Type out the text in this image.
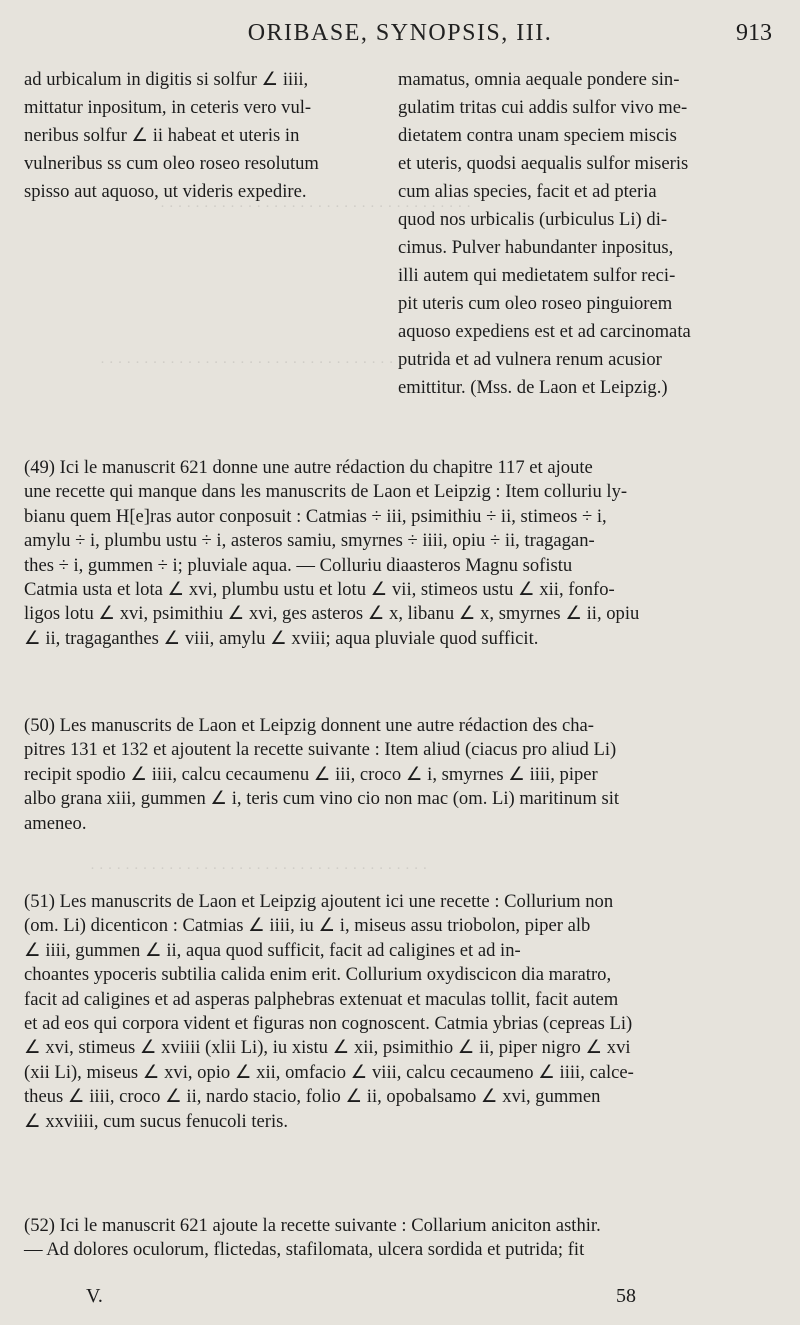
· · · · · · · · · · · · · · · · · · · · · · · · · · · · · · · · · · · ·
· · · · · · · · · · · · · · · · · · · · · · · · · · · · · · · · · · · · · · ·
· · · · · · · · · · · · · · · · · · · · · · · · · · · · · · · · · · · · · · ·
ORIBASE, SYNOPSIS, III.	913
ad urbicalum in digitis si solfur ∠ iiii,
mittatur inpositum, in ceteris vero vul-
neribus solfur ∠ ii habeat et uteris in
vulneribus ss cum oleo roseo resolutum
spisso aut aquoso, ut videris expedire.
mamatus, omnia aequale pondere sin-
gulatim tritas cui addis sulfor vivo me-
dietatem contra unam speciem miscis
et uteris, quodsi aequalis sulfor miseris
cum alias species, facit et ad pteria
quod nos urbicalis (urbiculus Li) di-
cimus. Pulver habundanter inpositus,
illi autem qui medietatem sulfor reci-
pit uteris cum oleo roseo pinguiorem
aquoso expediens est et ad carcinomata
putrida et ad vulnera renum acusior
emittitur. (Mss. de Laon et Leipzig.)
(49) Ici le manuscrit 621 donne une autre rédaction du chapitre 117 et ajoute
une recette qui manque dans les manuscrits de Laon et Leipzig : Item colluriu ly-
bianu quem H[e]ras autor conposuit : Catmias ÷ iii, psimithiu ÷ ii, stimeos ÷ i,
amylu ÷ i, plumbu ustu ÷ i, asteros samiu, smyrnes ÷ iiii, opiu ÷ ii, tragagan-
thes ÷ i, gummen ÷ i; pluviale aqua. — Colluriu diaasteros Magnu sofistu
Catmia usta et lota ∠ xvi, plumbu ustu et lotu ∠ vii, stimeos ustu ∠ xii, fonfo-
ligos lotu ∠ xvi, psimithiu ∠ xvi, ges asteros ∠ x, libanu ∠ x, smyrnes ∠ ii, opiu
∠ ii, tragaganthes ∠ viii, amylu ∠ xviii; aqua pluviale quod sufficit.
(50) Les manuscrits de Laon et Leipzig donnent une autre rédaction des cha-
pitres 131 et 132 et ajoutent la recette suivante : Item aliud (ciacus pro aliud Li)
recipit spodio ∠ iiii, calcu cecaumenu ∠ iii, croco ∠ i, smyrnes ∠ iiii, piper
albo grana xiii, gummen ∠ i, teris cum vino cio non mac (om. Li) maritinum sit
ameneo.
(51) Les manuscrits de Laon et Leipzig ajoutent ici une recette : Collurium non
(om. Li) dicenticon : Catmias ∠ iiii, iu ∠ i, miseus assu triobolon, piper alb
∠ iiii, gummen ∠ ii, aqua quod sufficit, facit ad caligines et ad in-
choantes ypoceris subtilia calida enim erit. Collurium oxydiscicon dia maratro,
facit ad caligines et ad asperas palphebras extenuat et maculas tollit, facit autem
et ad eos qui corpora vident et figuras non cognoscent. Catmia ybrias (cepreas Li)
∠ xvi, stimeus ∠ xviiii (xlii Li), iu xistu ∠ xii, psimithio ∠ ii, piper nigro ∠ xvi
(xii Li), miseus ∠ xvi, opio ∠ xii, omfacio ∠ viii, calcu cecaumeno ∠ iiii, calce-
theus ∠ iiii, croco ∠ ii, nardo stacio, folio ∠ ii, opobalsamo ∠ xvi, gummen
∠ xxviiii, cum sucus fenucoli teris.
(52) Ici le manuscrit 621 ajoute la recette suivante : Collarium aniciton asthir.
— Ad dolores oculorum, flictedas, stafilomata, ulcera sordida et putrida; fit
V.	58
